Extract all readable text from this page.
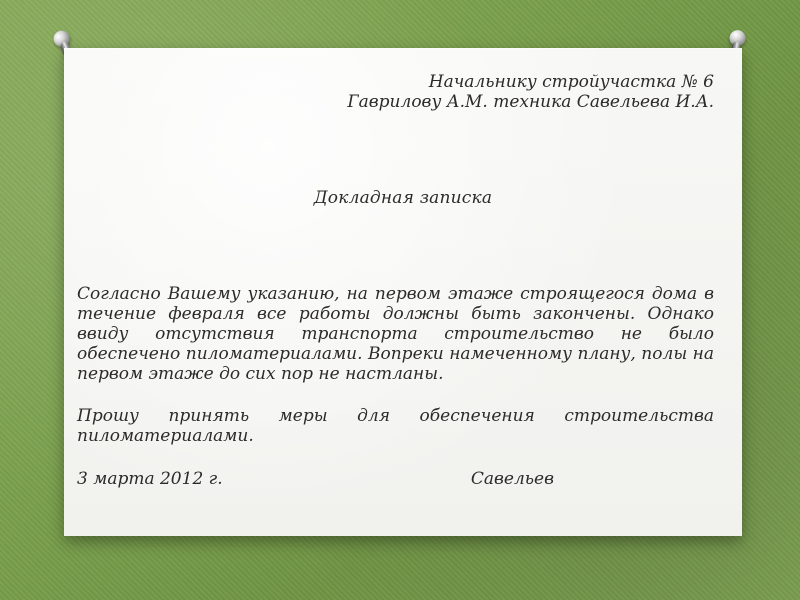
Начальнику стройучастка № 6
Гаврилову А.М. техника Савельева И.А.
Докладная записка

Согласно Вашему указанию, на первом этаже строящегося дома в течение февраля все работы должны быть закончены. Однако ввиду отсутствия транспорта строительство не было обеспечено пиломатериалами. Вопреки намеченному плану, полы на первом этаже до сих пор не настланы.

Прошу принять меры для обеспечения строительства пиломатериалами.

3 марта 2012 г.	Савельев
